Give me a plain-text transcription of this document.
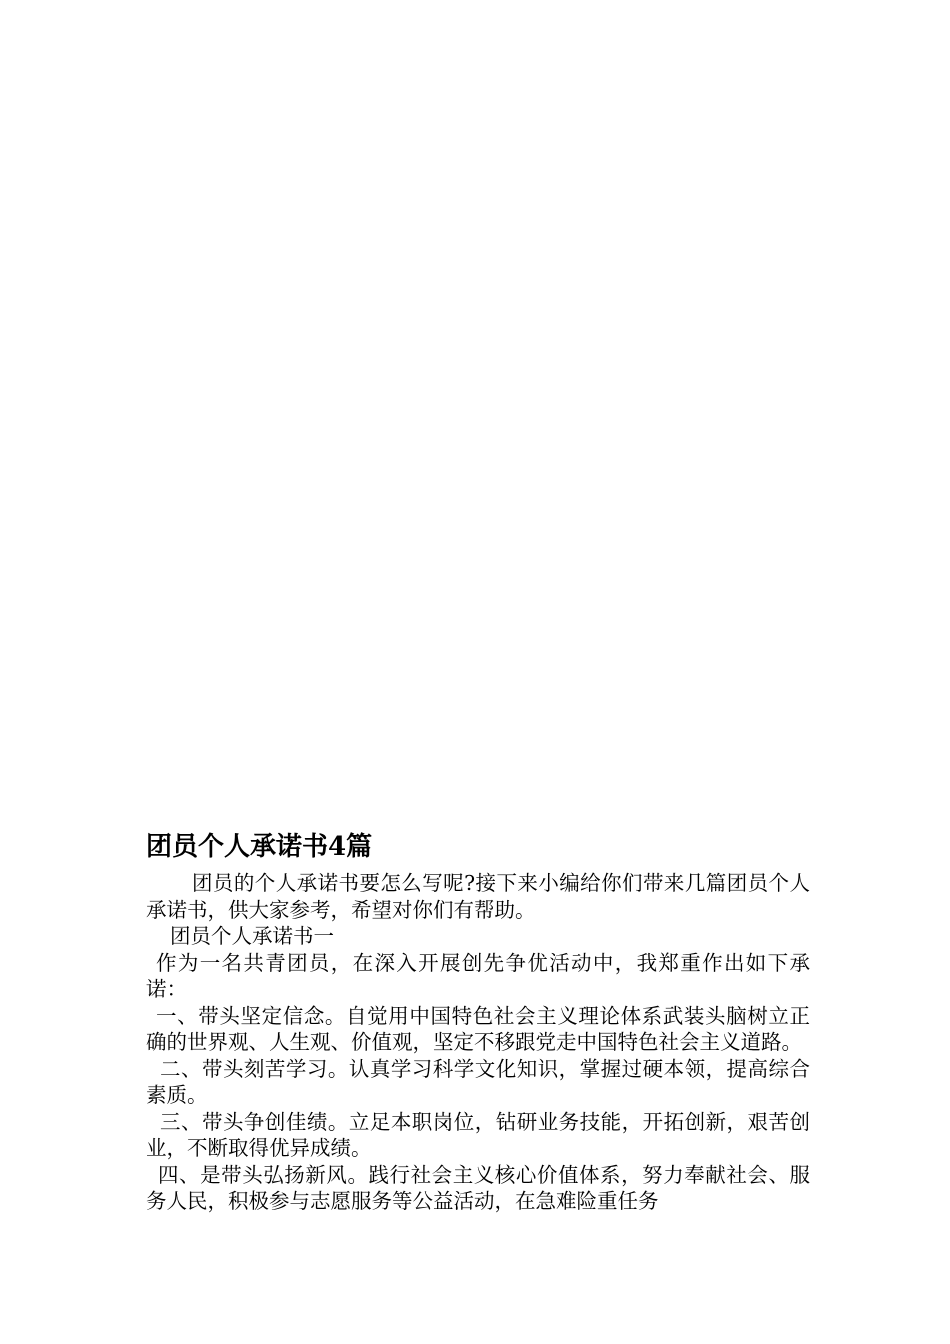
团员个人承诺书4篇

团员的个人承诺书要怎么写呢?接下来小编给你们带来几篇团员个人承诺书，供大家参考，希望对你们有帮助。

团员个人承诺书一

作为一名共青团员，在深入开展创先争优活动中，我郑重作出如下承诺：

一、带头坚定信念。自觉用中国特色社会主义理论体系武装头脑树立正确的世界观、人生观、价值观，坚定不移跟党走中国特色社会主义道路。

二、带头刻苦学习。认真学习科学文化知识，掌握过硬本领，提高综合素质。

三、带头争创佳绩。立足本职岗位，钻研业务技能，开拓创新，艰苦创业，不断取得优异成绩。

四、是带头弘扬新风。践行社会主义核心价值体系，努力奉献社会、服务人民，积极参与志愿服务等公益活动，在急难险重任务
